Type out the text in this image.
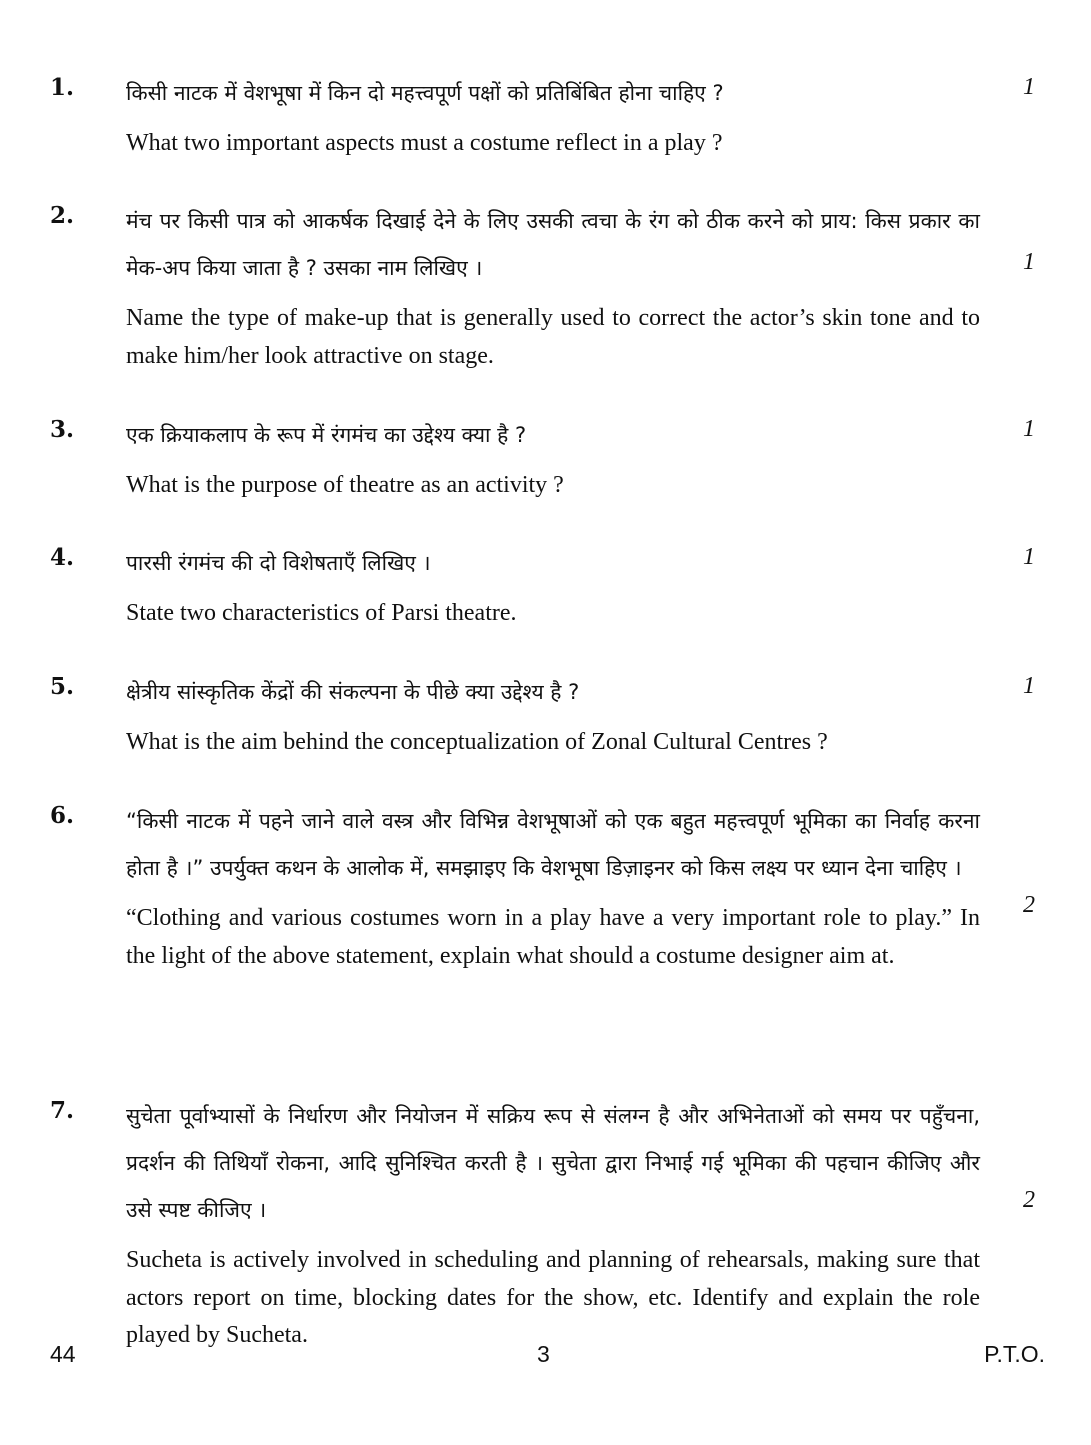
1. किसी नाटक में वेशभूषा में किन दो महत्त्वपूर्ण पक्षों को प्रतिबिंबित होना चाहिए ?

What two important aspects must a costume reflect in a play ?

1
2. मंच पर किसी पात्र को आकर्षक दिखाई देने के लिए उसकी त्वचा के रंग को ठीक करने को प्राय: किस प्रकार का मेक-अप किया जाता है ? उसका नाम लिखिए ।

Name the type of make-up that is generally used to correct the actor’s skin tone and to make him/her look attractive on stage.

1
3. एक क्रियाकलाप के रूप में रंगमंच का उद्देश्य क्या है ?

What is the purpose of theatre as an activity ?

1
4. पारसी रंगमंच की दो विशेषताएँ लिखिए ।

State two characteristics of Parsi theatre.

1
5. क्षेत्रीय सांस्कृतिक केंद्रों की संकल्पना के पीछे क्या उद्देश्य है ?

What is the aim behind the conceptualization of Zonal Cultural Centres ?

1
6. “किसी नाटक में पहने जाने वाले वस्त्र और विभिन्न वेशभूषाओं को एक बहुत महत्त्वपूर्ण भूमिका का निर्वाह करना होता है ।” उपर्युक्त कथन के आलोक में, समझाइए कि वेशभूषा डिज़ाइनर को किस लक्ष्य पर ध्यान देना चाहिए ।

“Clothing and various costumes worn in a play have a very important role to play.” In the light of the above statement, explain what should a costume designer aim at.

2
7. सुचेता पूर्वाभ्यासों के निर्धारण और नियोजन में सक्रिय रूप से संलग्न है और अभिनेताओं को समय पर पहुँचना, प्रदर्शन की तिथियाँ रोकना, आदि सुनिश्चित करती है । सुचेता द्वारा निभाई गई भूमिका की पहचान कीजिए और उसे स्पष्ट कीजिए ।

Sucheta is actively involved in scheduling and planning of rehearsals, making sure that actors report on time, blocking dates for the show, etc. Identify and explain the role played by Sucheta.

2
44	3	P.T.O.
